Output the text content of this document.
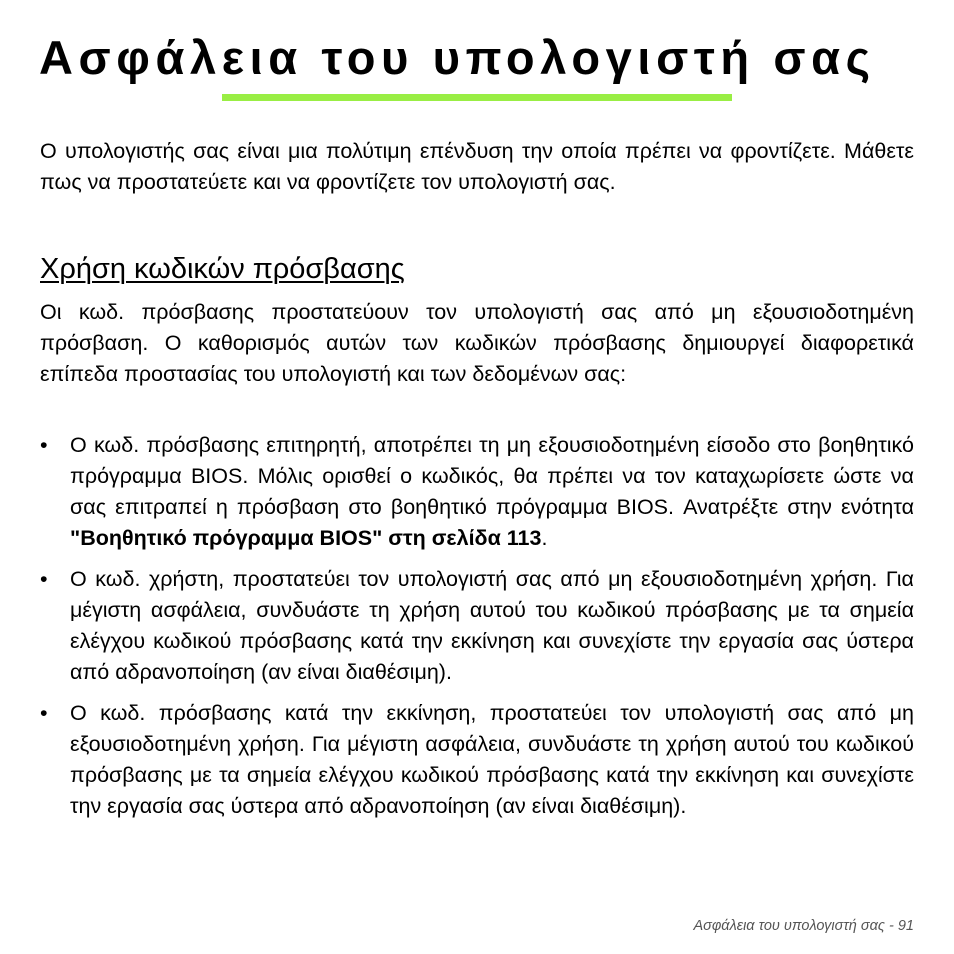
Ασφάλεια του υπολογιστή σας

Ο υπολογιστής σας είναι μια πολύτιμη επένδυση την οποία πρέπει να φροντίζετε. Μάθετε πως να προστατεύετε και να φροντίζετε τον υπολογιστή σας.

Χρήση κωδικών πρόσβασης

Οι κωδ. πρόσβασης προστατεύουν τον υπολογιστή σας από μη εξουσιοδοτημένη πρόσβαση. Ο καθορισμός αυτών των κωδικών πρόσβασης δημιουργεί διαφορετικά επίπεδα προστασίας του υπολογιστή και των δεδομένων σας:

•	Ο κωδ. πρόσβασης επιτηρητή, αποτρέπει τη μη εξουσιοδοτημένη είσοδο στο βοηθητικό πρόγραμμα BIOS. Μόλις ορισθεί ο κωδικός, θα πρέπει να τον καταχωρίσετε ώστε να σας επιτραπεί η πρόσβαση στο βοηθητικό πρόγραμμα BIOS. Ανατρέξτε στην ενότητα "Βοηθητικό πρόγραμμα BIOS" στη σελίδα 113.
•	Ο κωδ. χρήστη, προστατεύει τον υπολογιστή σας από μη εξουσιοδοτημένη χρήση. Για μέγιστη ασφάλεια, συνδυάστε τη χρήση αυτού του κωδικού πρόσβασης με τα σημεία ελέγχου κωδικού πρόσβασης κατά την εκκίνηση και συνεχίστε την εργασία σας ύστερα από αδρανοποίηση (αν είναι διαθέσιμη).
•	Ο κωδ. πρόσβασης κατά την εκκίνηση, προστατεύει τον υπολογιστή σας από μη εξουσιοδοτημένη χρήση. Για μέγιστη ασφάλεια, συνδυάστε τη χρήση αυτού του κωδικού πρόσβασης με τα σημεία ελέγχου κωδικού πρόσβασης κατά την εκκίνηση και συνεχίστε την εργασία σας ύστερα από αδρανοποίηση (αν είναι διαθέσιμη).
Ασφάλεια του υπολογιστή σας - 91
